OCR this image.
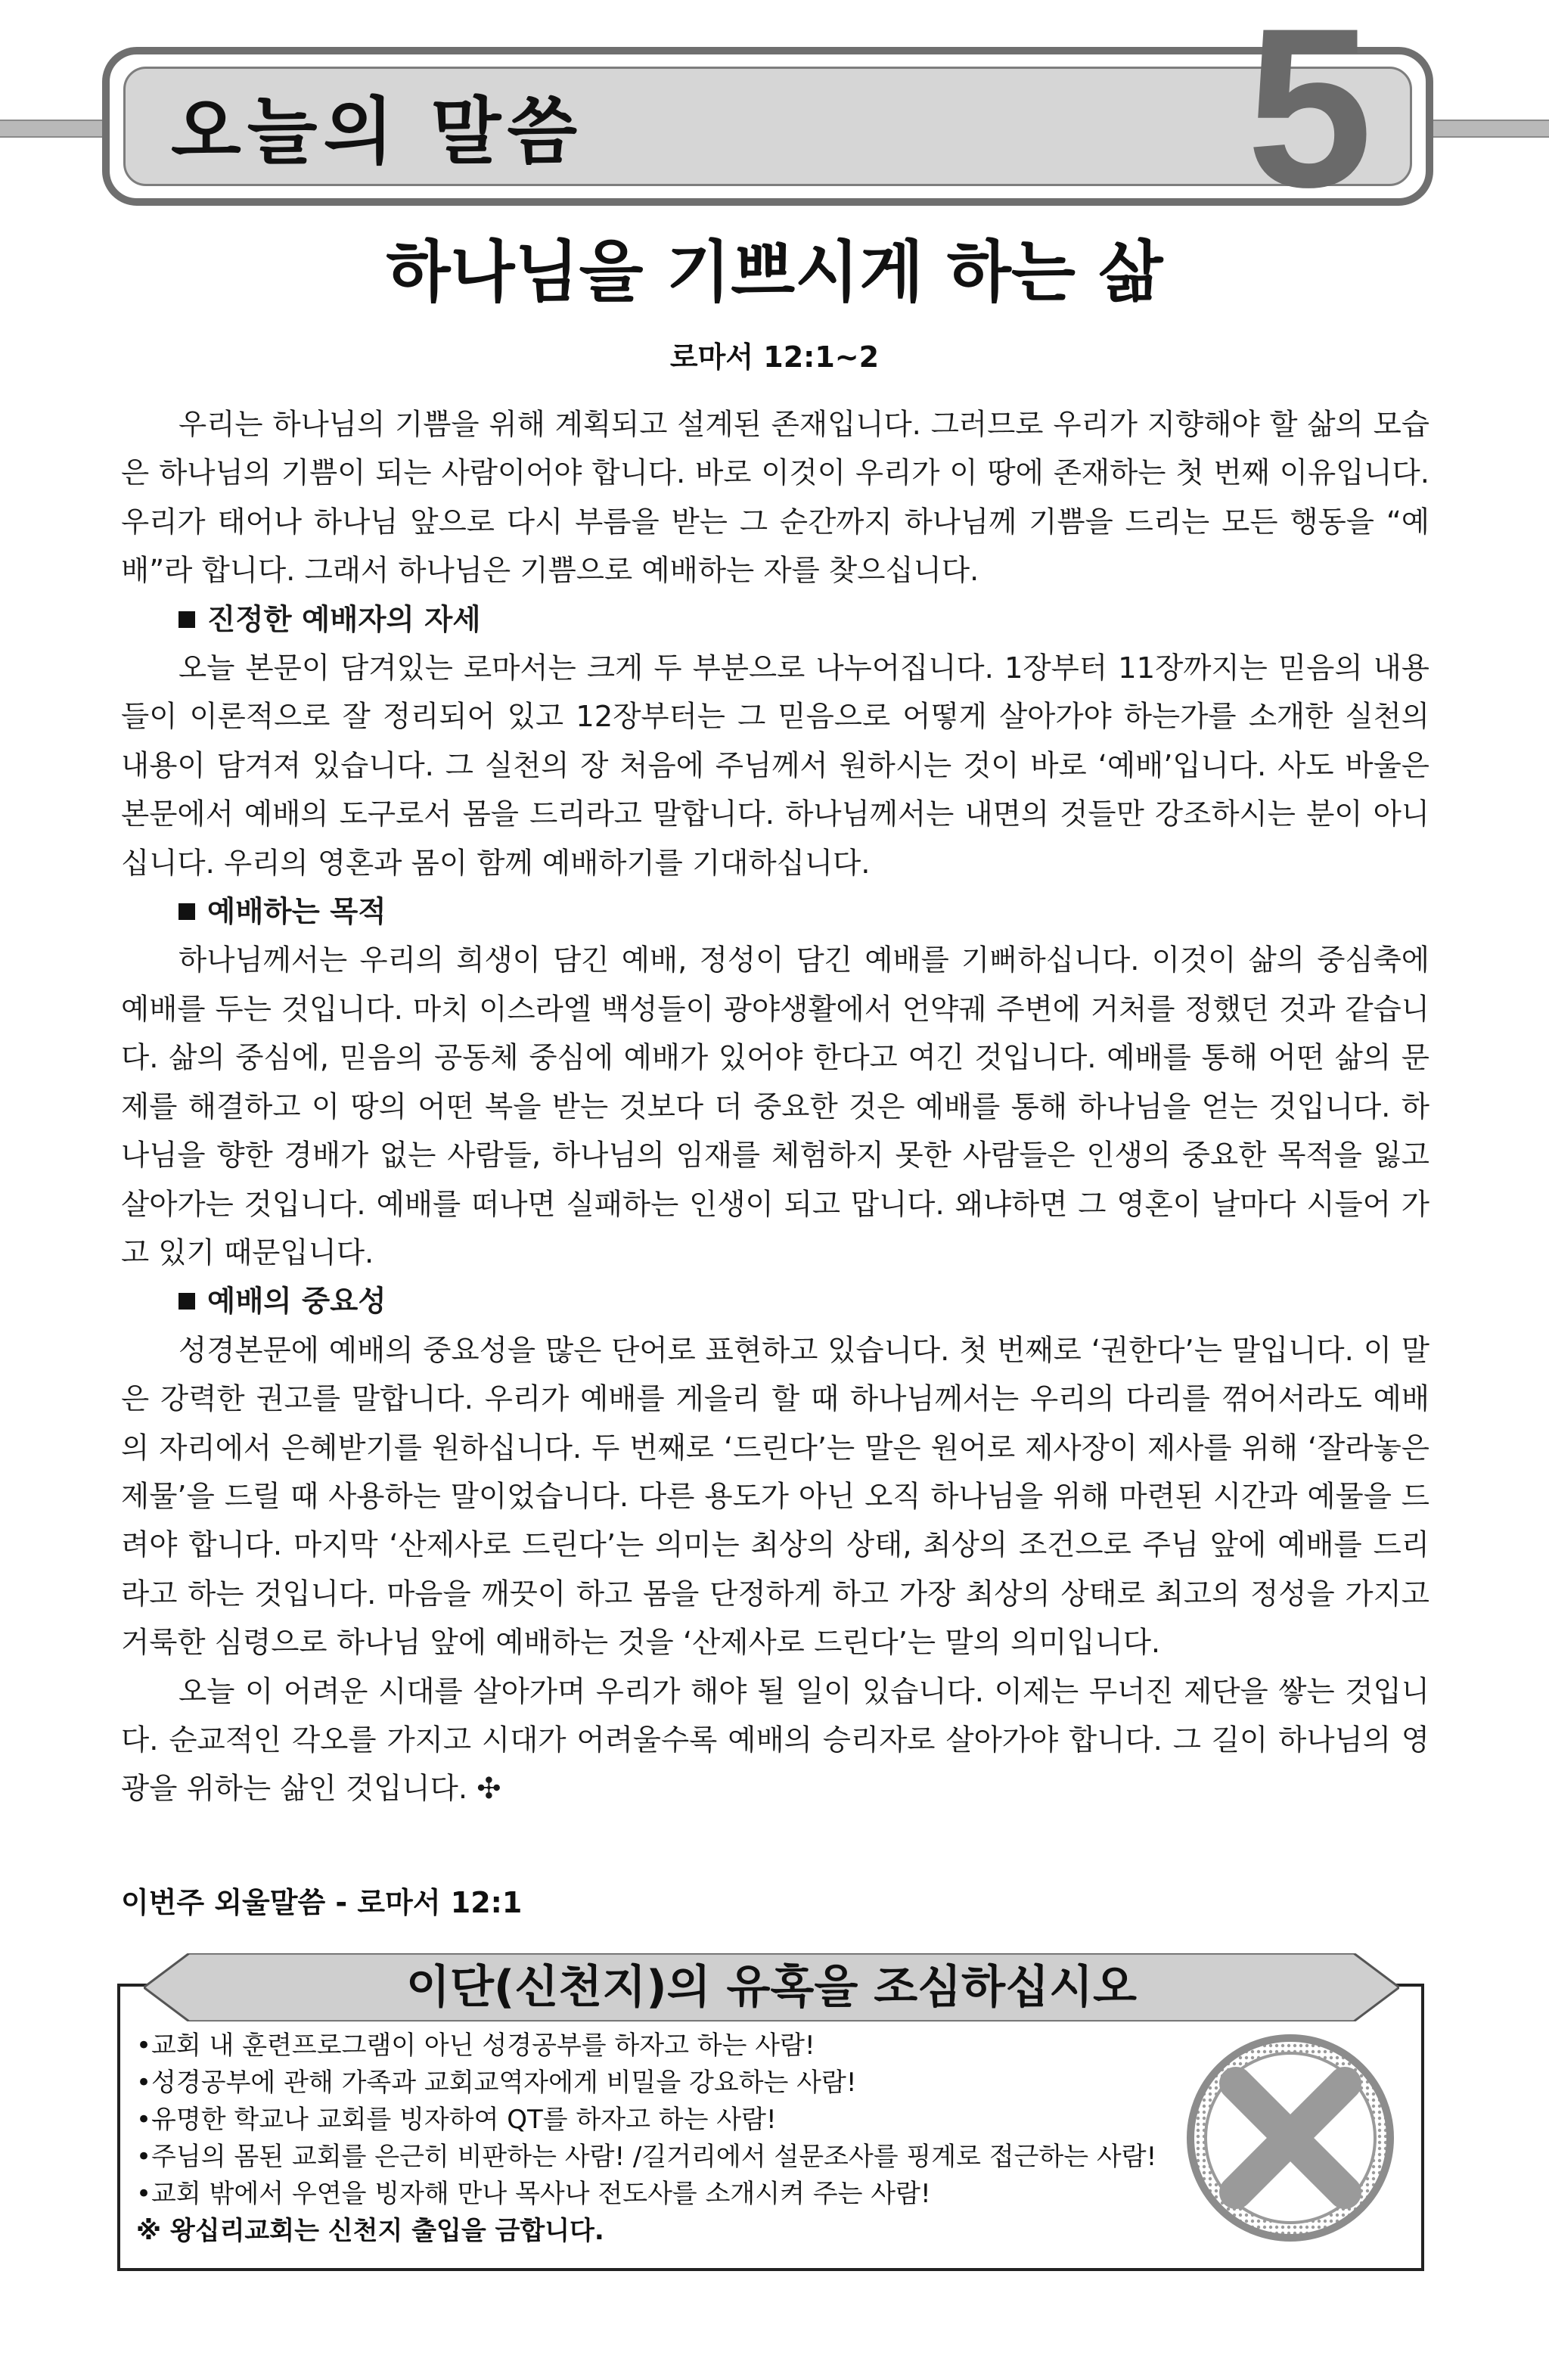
오늘의 말씀	5
하나님을 기쁘시게 하는 삶
로마서 12:1~2

우리는 하나님의 기쁨을 위해 계획되고 설계된 존재입니다. 그러므로 우리가 지향해야 할 삶의 모습은 하나님의 기쁨이 되는 사람이어야 합니다. 바로 이것이 우리가 이 땅에 존재하는 첫 번째 이유입니다. 우리가 태어나 하나님 앞으로 다시 부름을 받는 그 순간까지 하나님께 기쁨을 드리는 모든 행동을 “예배”라 합니다. 그래서 하나님은 기쁨으로 예배하는 자를 찾으십니다.

진정한 예배자의 자세

오늘 본문이 담겨있는 로마서는 크게 두 부분으로 나누어집니다. 1장부터 11장까지는 믿음의 내용들이 이론적으로 잘 정리되어 있고 12장부터는 그 믿음으로 어떻게 살아가야 하는가를 소개한 실천의 내용이 담겨져 있습니다. 그 실천의 장 처음에 주님께서 원하시는 것이 바로 ‘예배’입니다. 사도 바울은 본문에서 예배의 도구로서 몸을 드리라고 말합니다. 하나님께서는 내면의 것들만 강조하시는 분이 아니십니다. 우리의 영혼과 몸이 함께 예배하기를 기대하십니다.

예배하는 목적

하나님께서는 우리의 희생이 담긴 예배, 정성이 담긴 예배를 기뻐하십니다. 이것이 삶의 중심축에 예배를 두는 것입니다. 마치 이스라엘 백성들이 광야생활에서 언약궤 주변에 거처를 정했던 것과 같습니다. 삶의 중심에, 믿음의 공동체 중심에 예배가 있어야 한다고 여긴 것입니다. 예배를 통해 어떤 삶의 문제를 해결하고 이 땅의 어떤 복을 받는 것보다 더 중요한 것은 예배를 통해 하나님을 얻는 것입니다. 하나님을 향한 경배가 없는 사람들, 하나님의 임재를 체험하지 못한 사람들은 인생의 중요한 목적을 잃고 살아가는 것입니다. 예배를 떠나면 실패하는 인생이 되고 맙니다. 왜냐하면 그 영혼이 날마다 시들어 가고 있기 때문입니다.

예배의 중요성

성경본문에 예배의 중요성을 많은 단어로 표현하고 있습니다. 첫 번째로 ‘권한다’는 말입니다. 이 말은 강력한 권고를 말합니다. 우리가 예배를 게을리 할 때 하나님께서는 우리의 다리를 꺾어서라도 예배의 자리에서 은혜받기를 원하십니다. 두 번째로 ‘드린다’는 말은 원어로 제사장이 제사를 위해 ‘잘라놓은 제물’을 드릴 때 사용하는 말이었습니다. 다른 용도가 아닌 오직 하나님을 위해 마련된 시간과 예물을 드려야 합니다. 마지막 ‘산제사로 드린다’는 의미는 최상의 상태, 최상의 조건으로 주님 앞에 예배를 드리라고 하는 것입니다. 마음을 깨끗이 하고 몸을 단정하게 하고 가장 최상의 상태로 최고의 정성을 가지고 거룩한 심령으로 하나님 앞에 예배하는 것을 ‘산제사로 드린다’는 말의 의미입니다.

오늘 이 어려운 시대를 살아가며 우리가 해야 될 일이 있습니다. 이제는 무너진 제단을 쌓는 것입니다. 순교적인 각오를 가지고 시대가 어려울수록 예배의 승리자로 살아가야 합니다. 그 길이 하나님의 영광을 위하는 삶인 것입니다. ✣

이번주 외울말씀 - 로마서 12:1
이단(신천지)의 유혹을 조심하십시오
•교회 내 훈련프로그램이 아닌 성경공부를 하자고 하는 사람!
•성경공부에 관해 가족과 교회교역자에게 비밀을 강요하는 사람!
•유명한 학교나 교회를 빙자하여 QT를 하자고 하는 사람!
•주님의 몸된 교회를 은근히 비판하는 사람! /길거리에서 설문조사를 핑계로 접근하는 사람!
•교회 밖에서 우연을 빙자해 만나 목사나 전도사를 소개시켜 주는 사람!
※ 왕십리교회는 신천지 출입을 금합니다.
